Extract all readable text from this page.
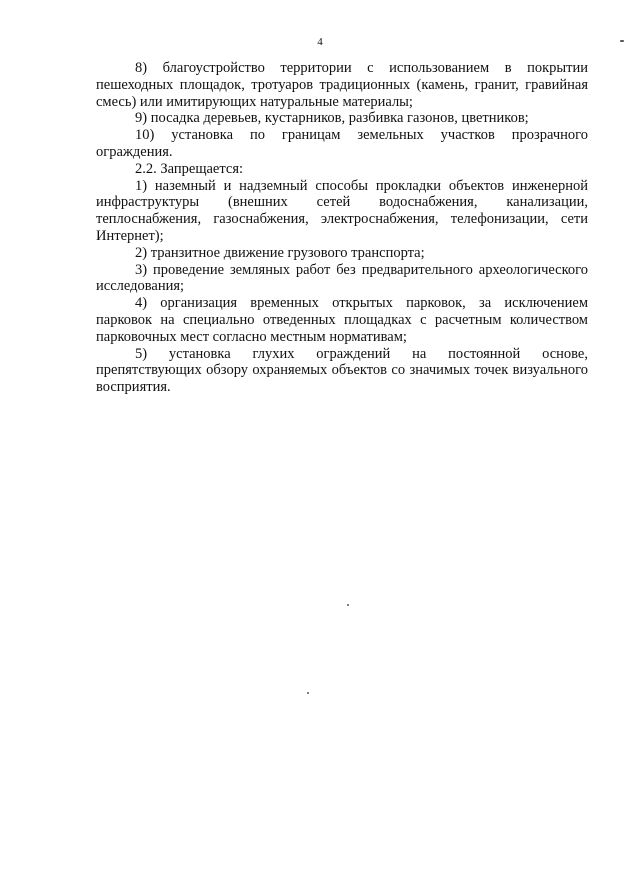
4

8) благоустройство территории с использованием в покрытии пешеходных площадок, тротуаров традиционных (камень, гранит, гравийная смесь) или имитирующих натуральные материалы;

9) посадка деревьев, кустарников, разбивка газонов, цветников;

10) установка по границам земельных участков прозрачного ограждения.

2.2. Запрещается:

1) наземный и надземный способы прокладки объектов инженерной инфраструктуры (внешних сетей водоснабжения, канализации, теплоснабжения, газоснабжения, электроснабжения, телефонизации, сети Интернет);

2) транзитное движение грузового транспорта;

3) проведение земляных работ без предварительного археологического исследования;

4) организация временных открытых парковок, за исключением парковок на специально отведенных площадках с расчетным количеством парковочных мест согласно местным нормативам;

5) установка глухих ограждений на постоянной основе, препятствующих обзору охраняемых объектов со значимых точек визуального восприятия.
